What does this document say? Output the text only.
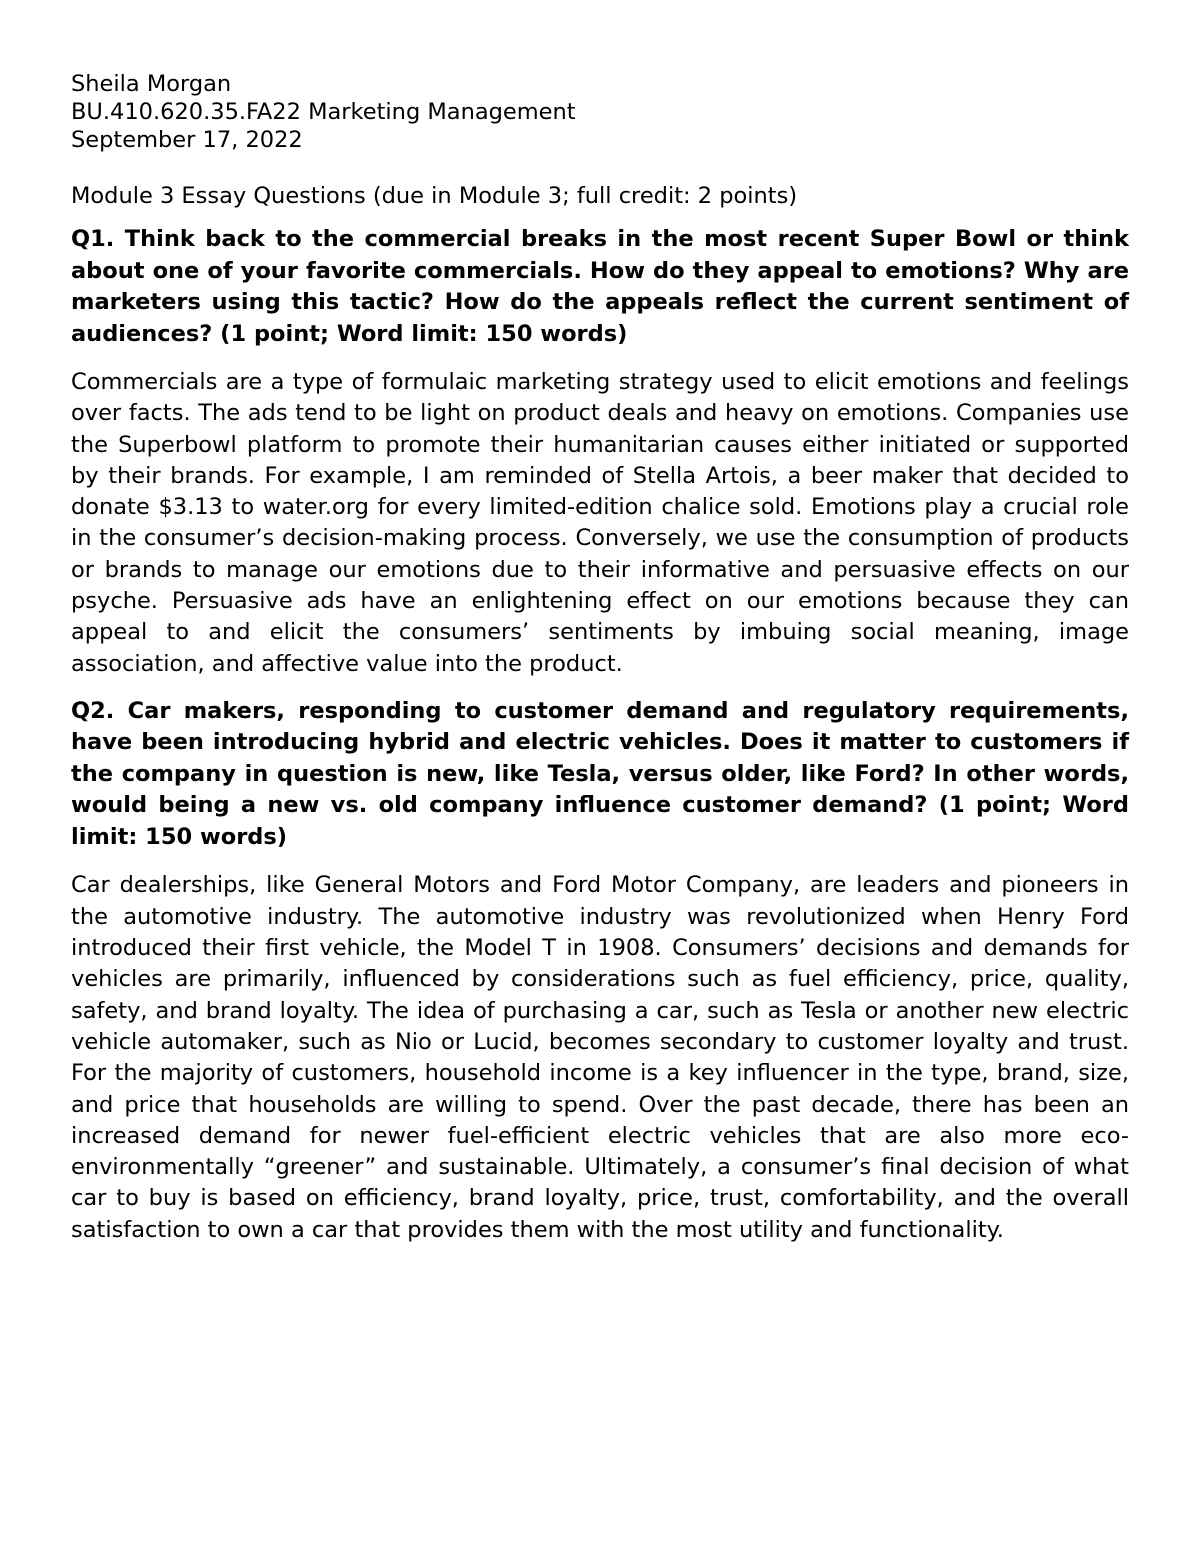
Sheila Morgan

BU.410.620.35.FA22 Marketing Management

September 17, 2022

Module 3 Essay Questions (due in Module 3; full credit: 2 points)

Q1. Think back to the commercial breaks in the most recent Super Bowl or think about one of your favorite commercials. How do they appeal to emotions? Why are marketers using this tactic? How do the appeals reflect the current sentiment of audiences? (1 point; Word limit: 150 words)

Commercials are a type of formulaic marketing strategy used to elicit emotions and feelings over facts. The ads tend to be light on product deals and heavy on emotions. Companies use the Superbowl platform to promote their humanitarian causes either initiated or supported by their brands. For example, I am reminded of Stella Artois, a beer maker that decided to donate $3.13 to water.org for every limited-edition chalice sold. Emotions play a crucial role in the consumer’s decision-making process. Conversely, we use the consumption of products or brands to manage our emotions due to their informative and persuasive effects on our psyche. Persuasive ads have an enlightening effect on our emotions because they can appeal to and elicit the consumers’ sentiments by imbuing social meaning, image association, and affective value into the product.

Q2. Car makers, responding to customer demand and regulatory requirements, have been introducing hybrid and electric vehicles. Does it matter to customers if the company in question is new, like Tesla, versus older, like Ford? In other words, would being a new vs. old company influence customer demand? (1 point; Word limit: 150 words)

Car dealerships, like General Motors and Ford Motor Company, are leaders and pioneers in the automotive industry. The automotive industry was revolutionized when Henry Ford introduced their first vehicle, the Model T in 1908. Consumers’ decisions and demands for vehicles are primarily, influenced by considerations such as fuel efficiency, price, quality, safety, and brand loyalty. The idea of purchasing a car, such as Tesla or another new electric vehicle automaker, such as Nio or Lucid, becomes secondary to customer loyalty and trust. For the majority of customers, household income is a key influencer in the type, brand, size, and price that households are willing to spend. Over the past decade, there has been an increased demand for newer fuel-efficient electric vehicles that are also more eco-environmentally “greener” and sustainable. Ultimately, a consumer’s final decision of what car to buy is based on efficiency, brand loyalty, price, trust, comfortability, and the overall satisfaction to own a car that provides them with the most utility and functionality.
